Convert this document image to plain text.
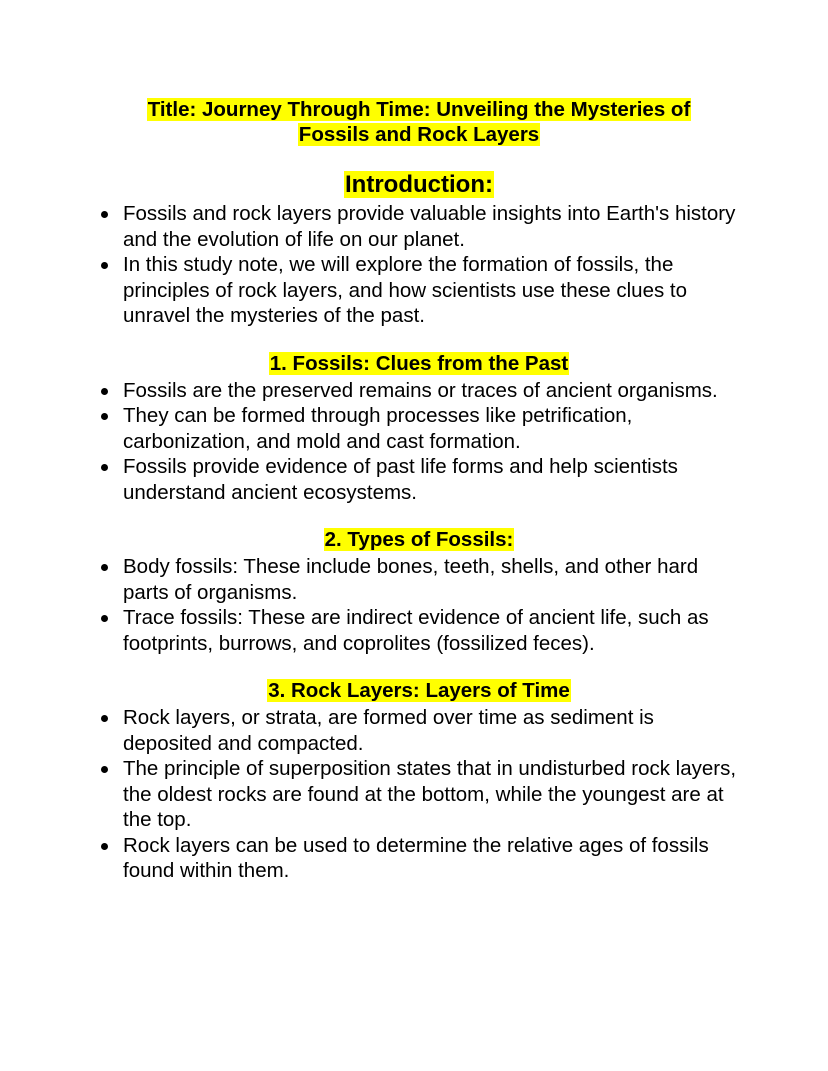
Title: Journey Through Time: Unveiling the Mysteries of
Fossils and Rock Layers
Introduction:
Fossils and rock layers provide valuable insights into Earth's history and the evolution of life on our planet.
In this study note, we will explore the formation of fossils, the principles of rock layers, and how scientists use these clues to unravel the mysteries of the past.
1. Fossils: Clues from the Past
Fossils are the preserved remains or traces of ancient organisms.
They can be formed through processes like petrification, carbonization, and mold and cast formation.
Fossils provide evidence of past life forms and help scientists understand ancient ecosystems.
2. Types of Fossils:
Body fossils: These include bones, teeth, shells, and other hard parts of organisms.
Trace fossils: These are indirect evidence of ancient life, such as footprints, burrows, and coprolites (fossilized feces).
3. Rock Layers: Layers of Time
Rock layers, or strata, are formed over time as sediment is deposited and compacted.
The principle of superposition states that in undisturbed rock layers, the oldest rocks are found at the bottom, while the youngest are at the top.
Rock layers can be used to determine the relative ages of fossils found within them.
